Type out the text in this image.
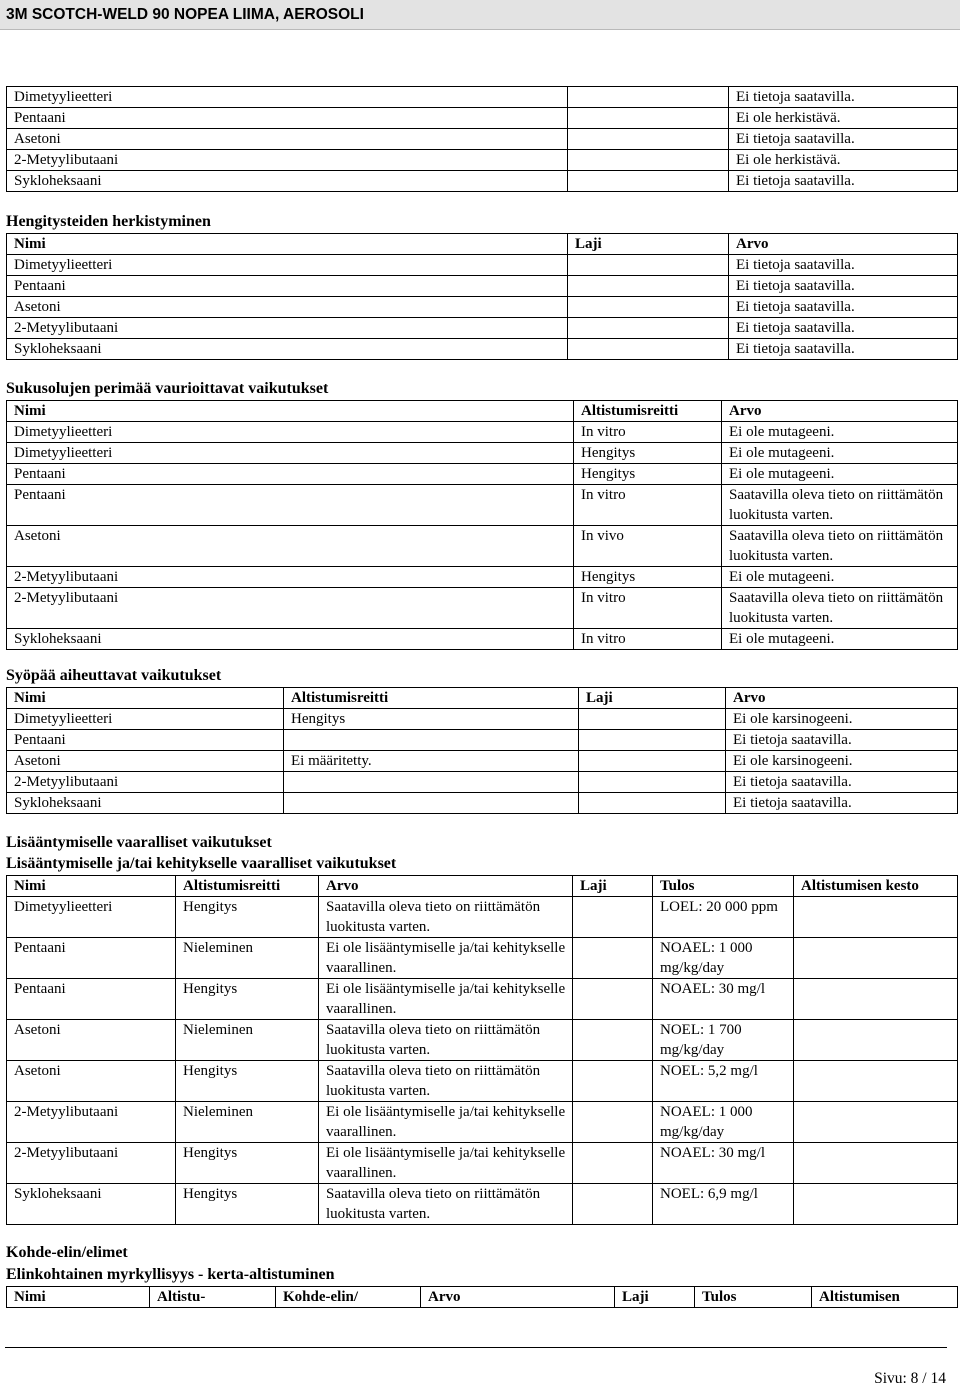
3M SCOTCH-WELD 90 NOPEA LIIMA, AEROSOLI
Dimetyylieetteri		Ei tietoja saatavilla.
Pentaani		Ei ole herkistävä.
Asetoni		Ei tietoja saatavilla.
2-Metyylibutaani		Ei ole herkistävä.
Sykloheksaani		Ei tietoja saatavilla.
Hengitysteiden herkistyminen
Nimi	Laji	Arvo
Dimetyylieetteri		Ei tietoja saatavilla.
Pentaani		Ei tietoja saatavilla.
Asetoni		Ei tietoja saatavilla.
2-Metyylibutaani		Ei tietoja saatavilla.
Sykloheksaani		Ei tietoja saatavilla.
Sukusolujen perimää vaurioittavat vaikutukset
Nimi	Altistumisreitti	Arvo
Dimetyylieetteri	In vitro	Ei ole mutageeni.
Dimetyylieetteri	Hengitys	Ei ole mutageeni.
Pentaani	Hengitys	Ei ole mutageeni.
Pentaani	In vitro	Saatavilla oleva tieto on riittämätön luokitusta varten.
Asetoni	In vivo	Saatavilla oleva tieto on riittämätön luokitusta varten.
2-Metyylibutaani	Hengitys	Ei ole mutageeni.
2-Metyylibutaani	In vitro	Saatavilla oleva tieto on riittämätön luokitusta varten.
Sykloheksaani	In vitro	Ei ole mutageeni.
Syöpää aiheuttavat vaikutukset
Nimi	Altistumisreitti	Laji	Arvo
Dimetyylieetteri	Hengitys		Ei ole karsinogeeni.
Pentaani			Ei tietoja saatavilla.
Asetoni	Ei määritetty.		Ei ole karsinogeeni.
2-Metyylibutaani			Ei tietoja saatavilla.
Sykloheksaani			Ei tietoja saatavilla.
Lisääntymiselle vaaralliset vaikutukset
Lisääntymiselle ja/tai kehitykselle vaaralliset vaikutukset
Nimi	Altistumisreitti	Arvo	Laji	Tulos	Altistumisen kesto
Dimetyylieetteri	Hengitys	Saatavilla oleva tieto on riittämätön luokitusta varten.		LOEL: 20 000 ppm	
Pentaani	Nieleminen	Ei ole lisääntymiselle ja/tai kehitykselle vaarallinen.		NOAEL: 1 000 mg/kg/day	
Pentaani	Hengitys	Ei ole lisääntymiselle ja/tai kehitykselle vaarallinen.		NOAEL: 30 mg/l	
Asetoni	Nieleminen	Saatavilla oleva tieto on riittämätön luokitusta varten.		NOEL: 1 700 mg/kg/day	
Asetoni	Hengitys	Saatavilla oleva tieto on riittämätön luokitusta varten.		NOEL: 5,2 mg/l	
2-Metyylibutaani	Nieleminen	Ei ole lisääntymiselle ja/tai kehitykselle vaarallinen.		NOAEL: 1 000 mg/kg/day	
2-Metyylibutaani	Hengitys	Ei ole lisääntymiselle ja/tai kehitykselle vaarallinen.		NOAEL: 30 mg/l	
Sykloheksaani	Hengitys	Saatavilla oleva tieto on riittämätön luokitusta varten.		NOEL: 6,9 mg/l	
Kohde-elin/elimet
Elinkohtainen myrkyllisyys - kerta-altistuminen
Nimi	Altistu-	Kohde-elin/	Arvo	Laji	Tulos	Altistumisen
Sivu: 8 / 14
